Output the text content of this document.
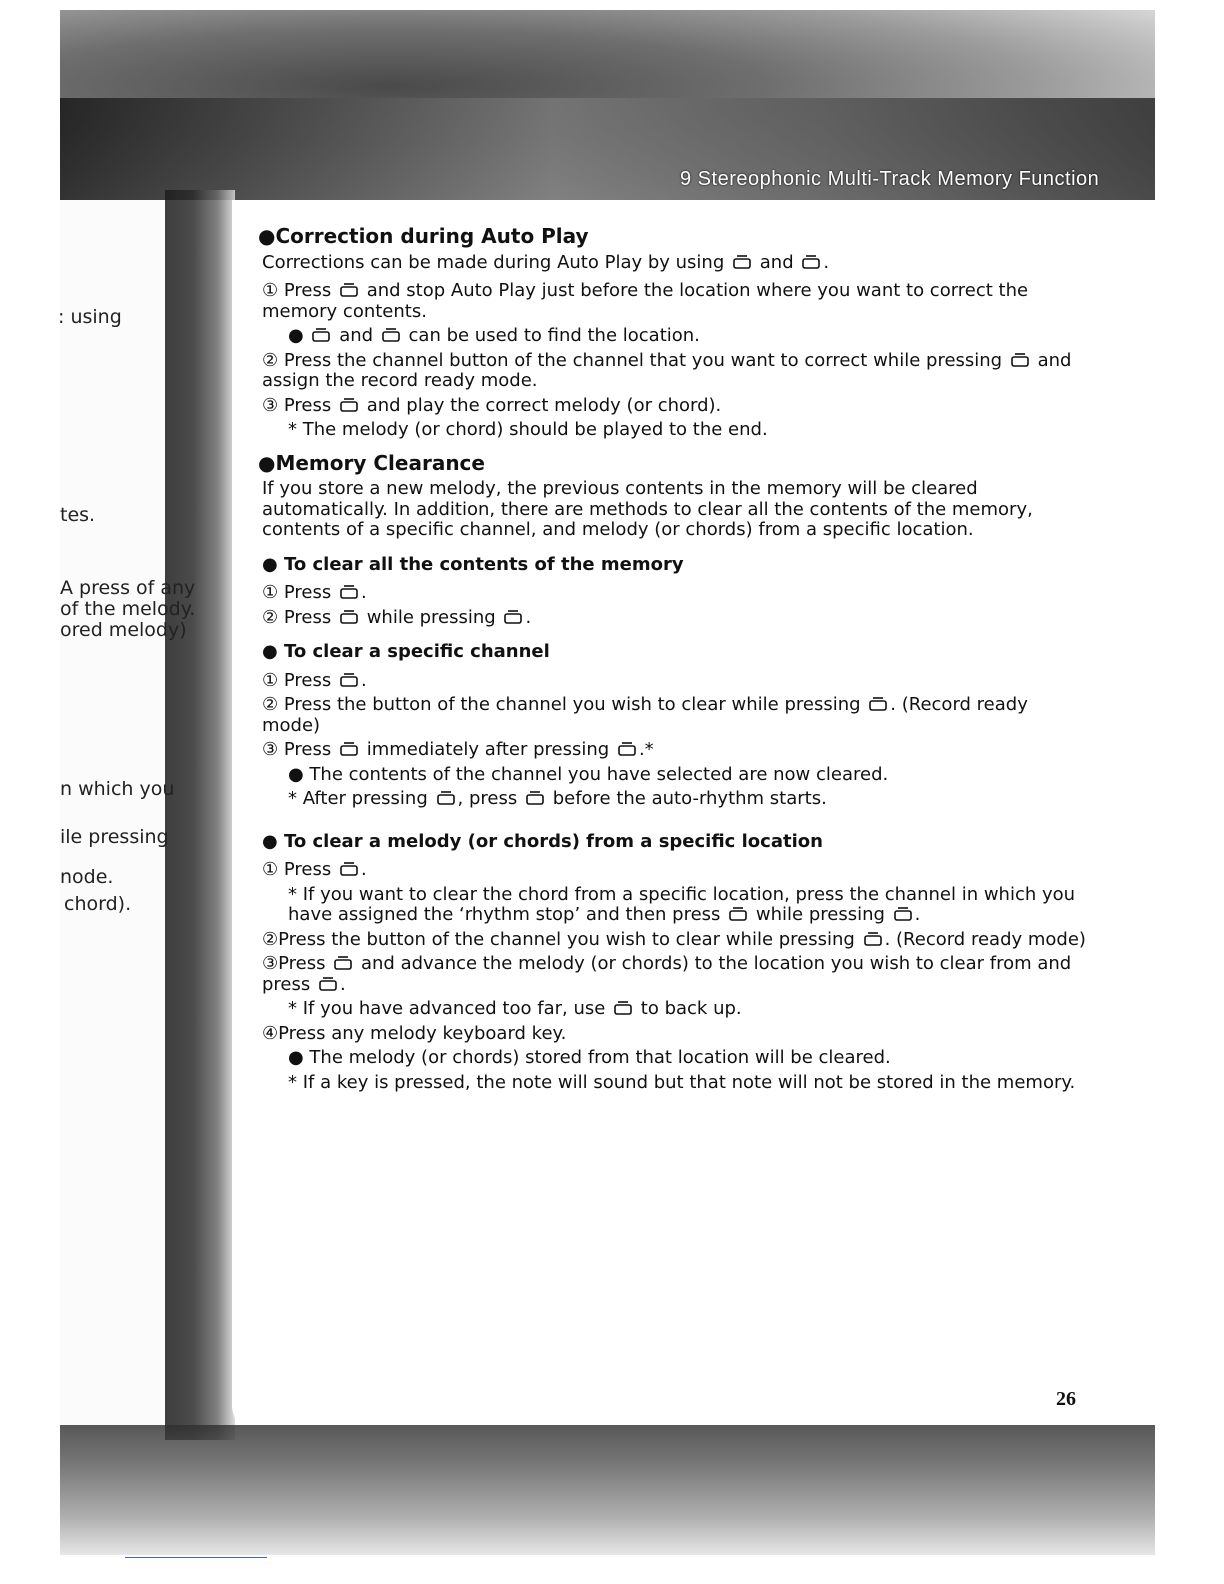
9 Stereophonic Multi-Track Memory Function
: using
tes.
A press of any
of the melody.
ored melody)
n which you
ile pressing
node.
chord).
●Correction during Auto Play
Corrections can be made during Auto Play by using and .
① Press and stop Auto Play just before the location where you want to correct the memory contents.
● and can be used to find the location.
② Press the channel button of the channel that you want to correct while pressing and assign the record ready mode.
③ Press and play the correct melody (or chord).
* The melody (or chord) should be played to the end.
●Memory Clearance
If you store a new melody, the previous contents in the memory will be cleared automatically. In addition, there are methods to clear all the contents of the memory, contents of a specific channel, and melody (or chords) from a specific location.
● To clear all the contents of the memory
① Press .
② Press while pressing .
● To clear a specific channel
① Press .
② Press the button of the channel you wish to clear while pressing . (Record ready mode)
③ Press immediately after pressing .*
● The contents of the channel you have selected are now cleared.
* After pressing , press before the auto-rhythm starts.
● To clear a melody (or chords) from a specific location
① Press .
* If you want to clear the chord from a specific location, press the channel in which you have assigned the ‘rhythm stop’ and then press while pressing .
②Press the button of the channel you wish to clear while pressing . (Record ready mode)
③Press and advance the melody (or chords) to the location you wish to clear from and press .
* If you have advanced too far, use to back up.
④Press any melody keyboard key.
● The melody (or chords) stored from that location will be cleared.
* If a key is pressed, the note will sound but that note will not be stored in the memory.
26
